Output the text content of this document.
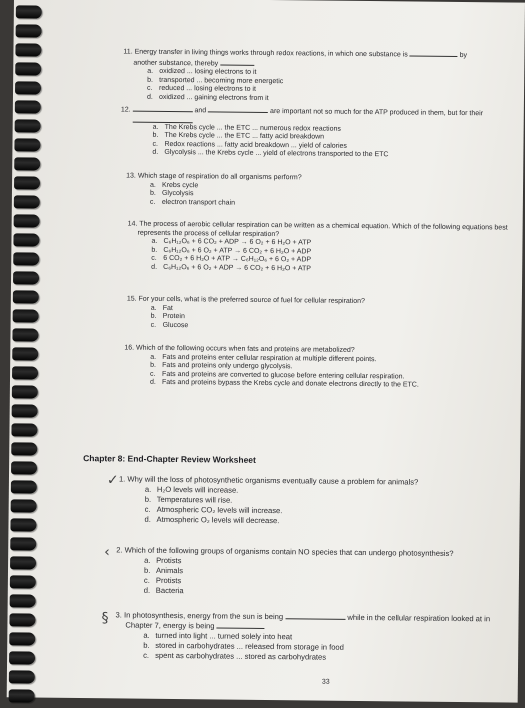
11. Energy transfer in living things works through redox reactions, in which one substance is	by
another substance, thereby
a. oxidized ... losing electrons to it
b. transported ... becoming more energetic
c. reduced ... losing electrons to it
d. oxidized ... gaining electrons from it
12.	and	are important not so much for the ATP produced in them, but for their
a. The Krebs cycle ... the ETC ... numerous redox reactions
b. The Krebs cycle ... the ETC ... fatty acid breakdown
c. Redox reactions ... fatty acid breakdown ... yield of calories
d. Glycolysis ... the Krebs cycle ... yield of electrons transported to the ETC
13. Which stage of respiration do all organisms perform?
a. Krebs cycle
b. Glycolysis
c. electron transport chain
14. The process of aerobic cellular respiration can be written as a chemical equation. Which of the following equations best represents the process of cellular respiration?
a. C₆H₁₂O₆ + 6 CO₂ + ADP → 6 O₂ + 6 H₂O + ATP
b. C₆H₁₂O₆ + 6 O₂ + ATP → 6 CO₂ + 6 H₂O + ADP
c. 6 CO₂ + 6 H₂O + ATP → C₆H₁₂O₆ + 6 O₂ + ADP
d. C₆H₁₂O₆ + 6 O₂ + ADP → 6 CO₂ + 6 H₂O + ATP
15. For your cells, what is the preferred source of fuel for cellular respiration?
a. Fat
b. Protein
c. Glucose
16. Which of the following occurs when fats and proteins are metabolized?
a. Fats and proteins enter cellular respiration at multiple different points.
b. Fats and proteins only undergo glycolysis.
c. Fats and proteins are converted to glucose before entering cellular respiration.
d. Fats and proteins bypass the Krebs cycle and donate electrons directly to the ETC.
Chapter 8: End-Chapter Review Worksheet
✓
‹
§
1. Why will the loss of photosynthetic organisms eventually cause a problem for animals?
a. H₂O levels will increase.
b. Temperatures will rise.
c. Atmospheric CO₂ levels will increase.
d. Atmospheric O₂ levels will decrease.
2. Which of the following groups of organisms contain NO species that can undergo photosynthesis?
a. Protists
b. Animals
c. Protists
d. Bacteria
3. In photosynthesis, energy from the sun is being	while in the cellular respiration looked at in
Chapter 7, energy is being
a. turned into light ... turned solely into heat
b. stored in carbohydrates ... released from storage in food
c. spent as carbohydrates ... stored as carbohydrates
33
